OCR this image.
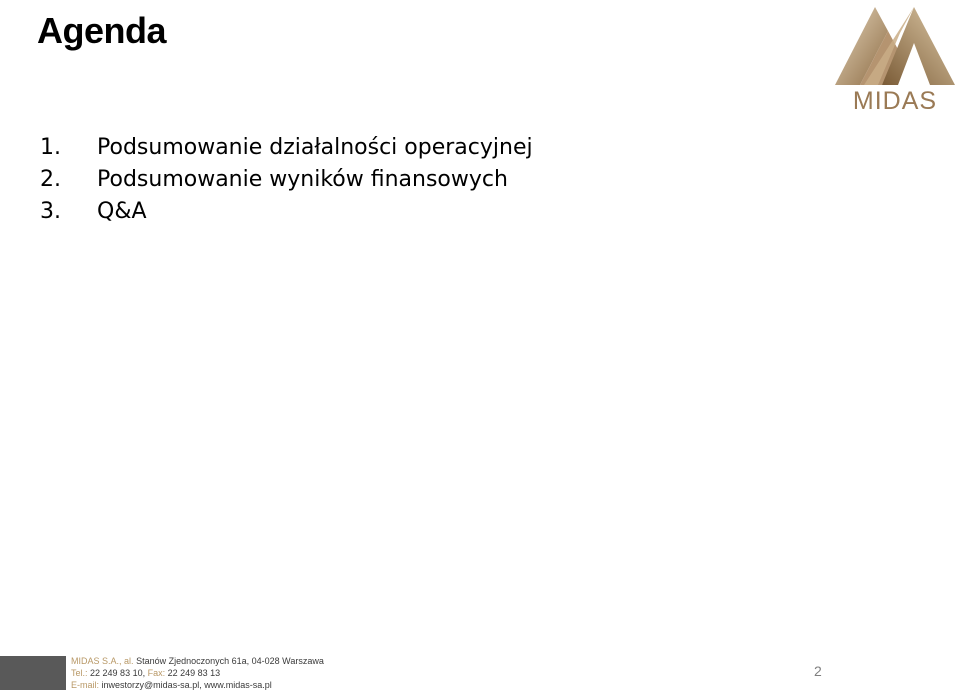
Agenda
1.	Podsumowanie działalności operacyjnej
2.	Podsumowanie wyników finansowych
3.	Q&A
MIDAS
MIDAS S.A., al. Stanów Zjednoczonych 61a, 04-028 Warszawa
Tel.: 22 249 83 10, Fax: 22 249 83 13
E-mail: inwestorzy@midas-sa.pl, www.midas-sa.pl
2
